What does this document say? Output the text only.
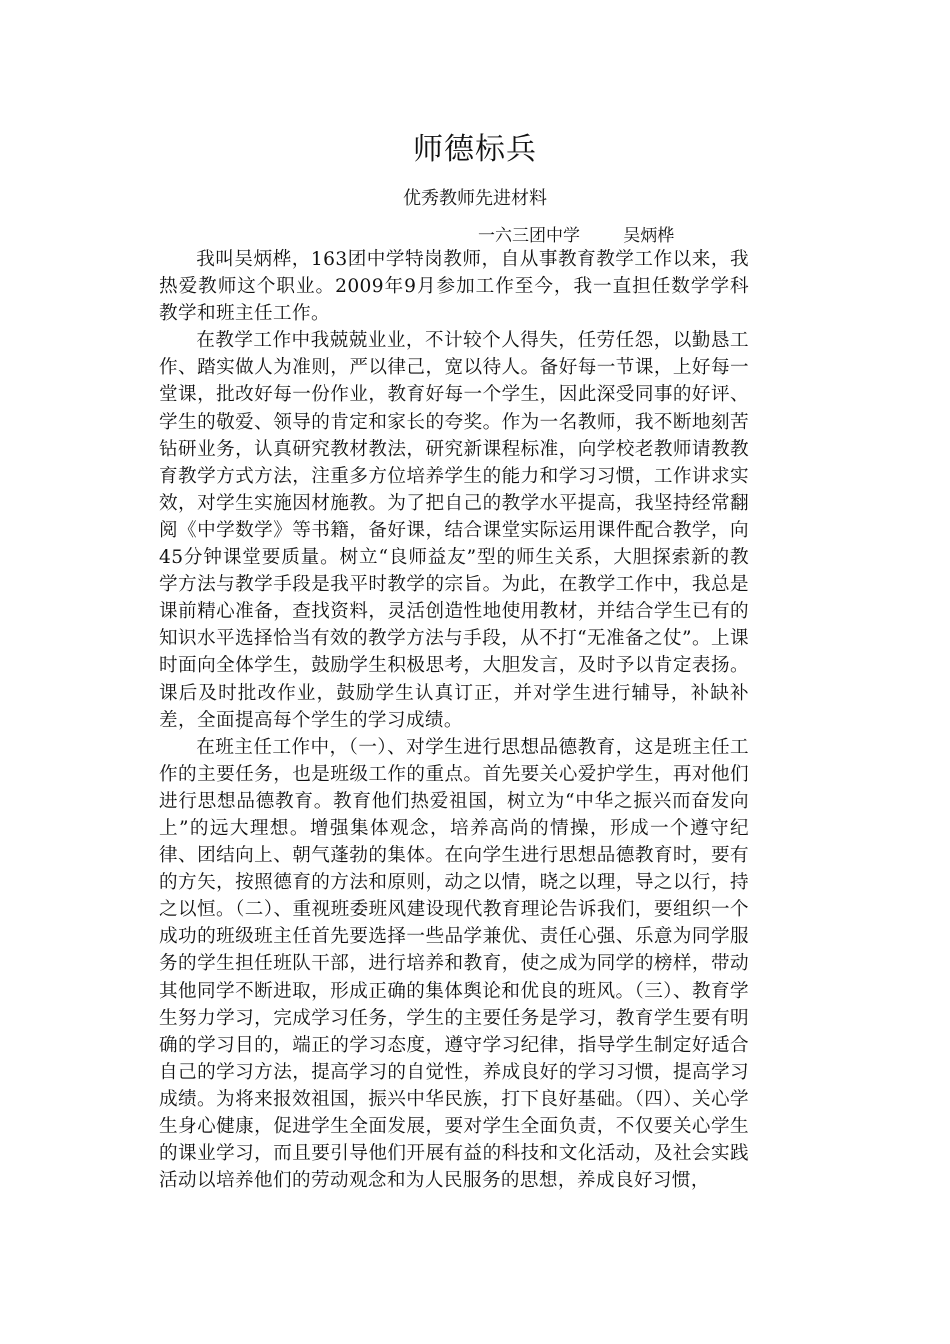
师德标兵
优秀教师先进材料
一六三团中学        吴炳桦

我叫吴炳桦，163团中学特岗教师，自从事教育教学工作以来，我热爱教师这个职业。2009年9月参加工作至今，我一直担任数学学科教学和班主任工作。

在教学工作中我兢兢业业，不计较个人得失，任劳任怨，以勤恳工作、踏实做人为准则，严以律己，宽以待人。备好每一节课，上好每一堂课，批改好每一份作业，教育好每一个学生，因此深受同事的好评、学生的敬爱、领导的肯定和家长的夸奖。作为一名教师，我不断地刻苦钻研业务，认真研究教材教法，研究新课程标准，向学校老教师请教教育教学方式方法，注重多方位培养学生的能力和学习习惯，工作讲求实效，对学生实施因材施教。为了把自己的教学水平提高，我坚持经常翻阅《中学数学》等书籍，备好课，结合课堂实际运用课件配合教学，向45分钟课堂要质量。树立“良师益友”型的师生关系，大胆探索新的教学方法与教学手段是我平时教学的宗旨。为此，在教学工作中，我总是课前精心准备，查找资料，灵活创造性地使用教材，并结合学生已有的知识水平选择恰当有效的教学方法与手段，从不打“无准备之仗”。上课时面向全体学生，鼓励学生积极思考，大胆发言，及时予以肯定表扬。课后及时批改作业，鼓励学生认真订正，并对学生进行辅导，补缺补差，全面提高每个学生的学习成绩。

在班主任工作中，（一）、对学生进行思想品德教育，这是班主任工作的主要任务，也是班级工作的重点。首先要关心爱护学生，再对他们进行思想品德教育。教育他们热爱祖国，树立为“中华之振兴而奋发向上”的远大理想。增强集体观念，培养高尚的情操，形成一个遵守纪律、团结向上、朝气蓬勃的集体。在向学生进行思想品德教育时，要有的方矢，按照德育的方法和原则，动之以情，晓之以理，导之以行，持之以恒。（二）、重视班委班风建设现代教育理论告诉我们，要组织一个成功的班级班主任首先要选择一些品学兼优、责任心强、乐意为同学服务的学生担任班队干部，进行培养和教育，使之成为同学的榜样，带动其他同学不断进取，形成正确的集体舆论和优良的班风。（三）、教育学生努力学习，完成学习任务，学生的主要任务是学习，教育学生要有明确的学习目的，端正的学习态度，遵守学习纪律，指导学生制定好适合自己的学习方法，提高学习的自觉性，养成良好的学习习惯，提高学习成绩。为将来报效祖国，振兴中华民族，打下良好基础。（四）、关心学生身心健康，促进学生全面发展，要对学生全面负责，不仅要关心学生的课业学习，而且要引导他们开展有益的科技和文化活动，及社会实践活动以培养他们的劳动观念和为人民服务的思想，养成良好习惯，
